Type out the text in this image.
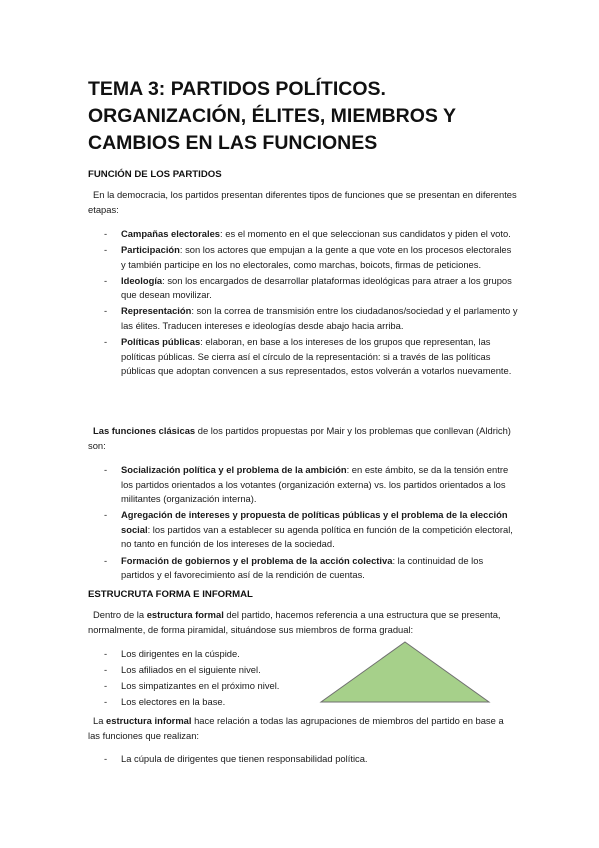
TEMA 3: PARTIDOS POLÍTICOS. ORGANIZACIÓN, ÉLITES, MIEMBROS Y CAMBIOS EN LAS FUNCIONES
FUNCIÓN DE LOS PARTIDOS

En la democracia, los partidos presentan diferentes tipos de funciones que se presentan en diferentes etapas:

- Campañas electorales: es el momento en el que seleccionan sus candidatos y piden el voto.
- Participación: son los actores que empujan a la gente a que vote en los procesos electorales y también participe en los no electorales, como marchas, boicots, firmas de peticiones.
- Ideología: son los encargados de desarrollar plataformas ideológicas para atraer a los grupos que desean movilizar.
- Representación: son la correa de transmisión entre los ciudadanos/sociedad y el parlamento y las élites. Traducen intereses e ideologías desde abajo hacia arriba.
- Políticas públicas: elaboran, en base a los intereses de los grupos que representan, las políticas públicas. Se cierra así el círculo de la representación: si a través de las políticas públicas que adoptan convencen a sus representados, estos volverán a votarlos nuevamente.

Las funciones clásicas de los partidos propuestas por Mair y los problemas que conllevan (Aldrich) son:

- Socialización política y el problema de la ambición: en este ámbito, se da la tensión entre los partidos orientados a los votantes (organización externa) vs. los partidos orientados a los militantes (organización interna).
- Agregación de intereses y propuesta de políticas públicas y el problema de la elección social: los partidos van a establecer su agenda política en función de la competición electoral, no tanto en función de los intereses de la sociedad.
- Formación de gobiernos y el problema de la acción colectiva: la continuidad de los partidos y el favorecimiento así de la rendición de cuentas.
ESTRUCRUTA FORMA E INFORMAL

Dentro de la estructura formal del partido, hacemos referencia a una estructura que se presenta, normalmente, de forma piramidal, situándose sus miembros de forma gradual:

- Los dirigentes en la cúspide.
- Los afiliados en el siguiente nivel.
- Los simpatizantes en el próximo nivel.
- Los electores en la base.

La estructura informal hace relación a todas las agrupaciones de miembros del partido en base a las funciones que realizan:

- La cúpula de dirigentes que tienen responsabilidad política.
